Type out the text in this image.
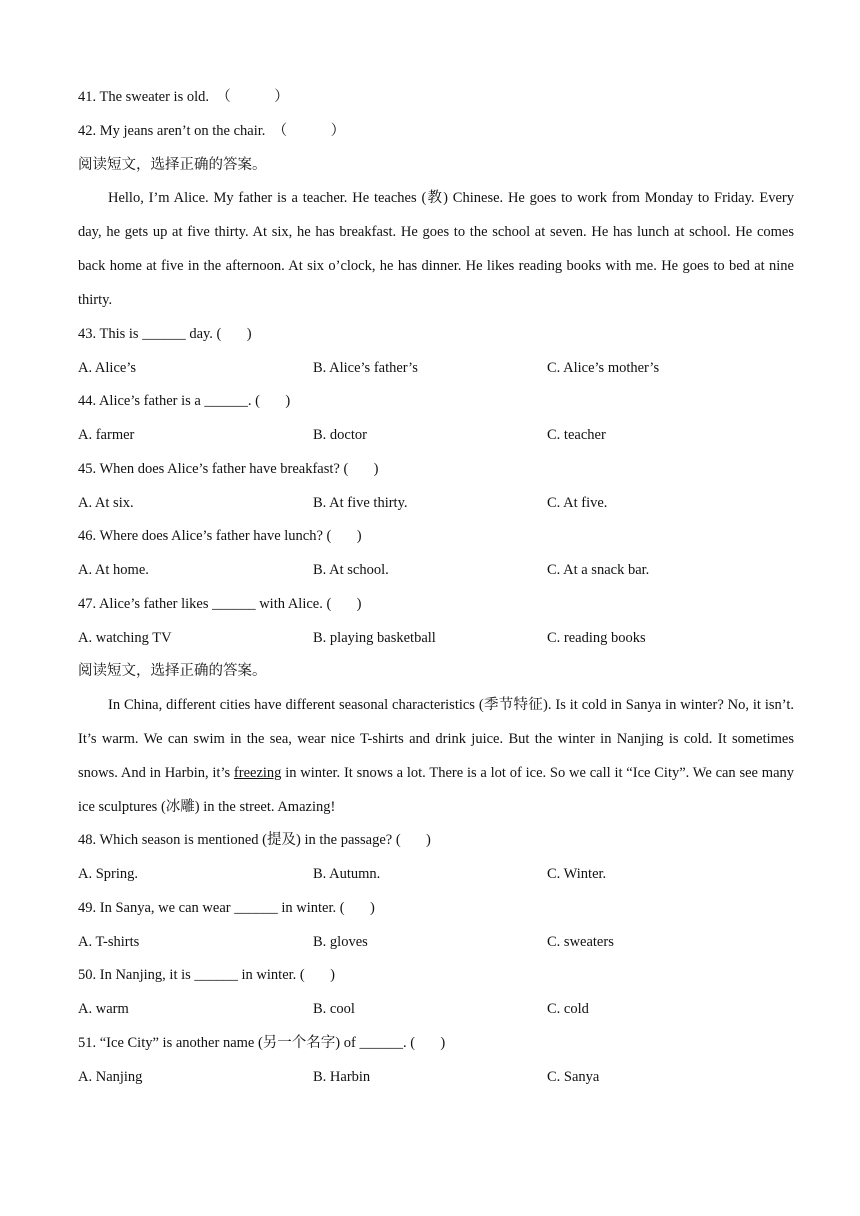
41. The sweater is old.  （            ）
42. My jeans aren’t on the chair.  （            ）
阅读短文，选择正确的答案。
Hello, I’m Alice. My father is a teacher. He teaches (教) Chinese. He goes to work from Monday to Friday. Every day, he gets up at five thirty. At six, he has breakfast. He goes to the school at seven. He has lunch at school. He comes back home at five in the afternoon. At six o’clock, he has dinner. He likes reading books with me. He goes to bed at nine thirty.
43. This is ______ day. (       )
A. Alice’s	B. Alice’s father’s	C. Alice’s mother’s
44. Alice’s father is a ______. (       )
A. farmer	B. doctor	C. teacher
45. When does Alice’s father have breakfast? (       )
A. At six.	B. At five thirty.	C. At five.
46. Where does Alice’s father have lunch? (       )
A. At home.	B. At school.	C. At a snack bar.
47. Alice’s father likes ______ with Alice. (       )
A. watching TV	B. playing basketball	C. reading books
阅读短文，选择正确的答案。
In China, different cities have different seasonal characteristics (季节特征). Is it cold in Sanya in winter? No, it isn’t. It’s warm. We can swim in the sea, wear nice T-shirts and drink juice. But the winter in Nanjing is cold. It sometimes snows. And in Harbin, it’s freezing in winter. It snows a lot. There is a lot of ice. So we call it “Ice City”. We can see many ice sculptures (冰雕) in the street. Amazing!
48. Which season is mentioned (提及) in the passage? (       )
A. Spring.	B. Autumn.	C. Winter.
49. In Sanya, we can wear ______ in winter. (       )
A. T-shirts	B. gloves	C. sweaters
50. In Nanjing, it is ______ in winter. (       )
A. warm	B. cool	C. cold
51. “Ice City” is another name (另一个名字) of ______. (       )
A. Nanjing	B. Harbin	C. Sanya
